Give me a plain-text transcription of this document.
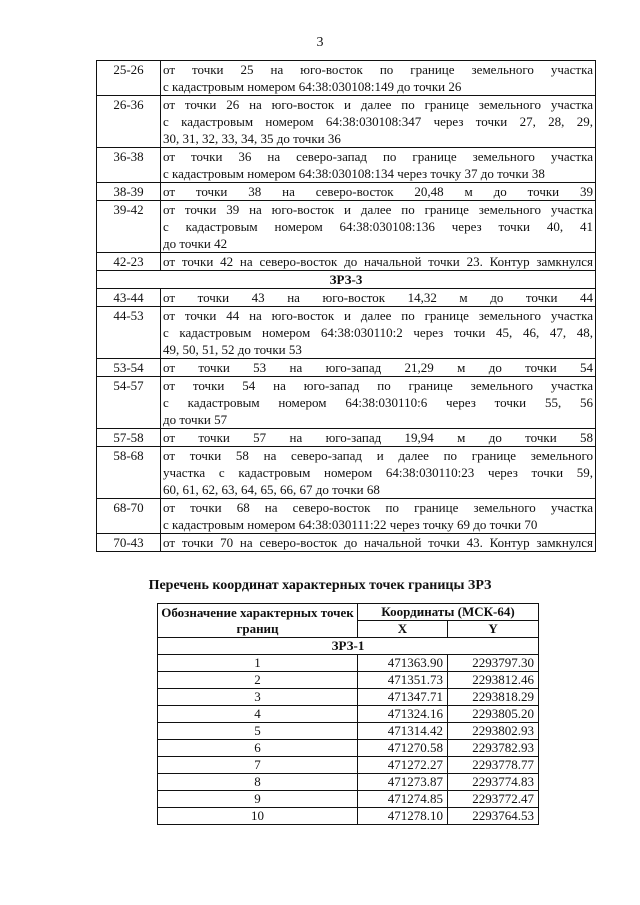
3
25-26	от точки 25 на юго-восток по границе земельного участка
с кадастровым номером 64:38:030108:149 до точки 26

26-36	от точки 26 на юго-восток и далее по границе земельного участка
с кадастровым номером 64:38:030108:347 через точки 27, 28, 29,
30, 31, 32, 33, 34, 35 до точки 36

36-38	от точки 36 на северо-запад по границе земельного участка
с кадастровым номером 64:38:030108:134 через точку 37 до точки 38

38-39	от точки 38 на северо-восток 20,48 м до точки 39

39-42	от точки 39 на юго-восток и далее по границе земельного участка
с кадастровым номером 64:38:030108:136 через точки 40, 41
до точки 42

42-23	от точки 42 на северо-восток до начальной точки 23. Контур замкнулся

ЗРЗ-3	
43-44	от точки 43 на юго-восток 14,32 м до точки 44

44-53	от точки 44 на юго-восток и далее по границе земельного участка
с кадастровым номером 64:38:030110:2 через точки 45, 46, 47, 48,
49, 50, 51, 52 до точки 53

53-54	от точки 53 на юго-запад 21,29 м до точки 54

54-57	от точки 54 на юго-запад по границе земельного участка
с кадастровым номером 64:38:030110:6 через точки 55, 56
до точки 57

57-58	от точки 57 на юго-запад 19,94 м до точки 58

58-68	от точки 58 на северо-запад и далее по границе земельного
участка с кадастровым номером 64:38:030110:23 через точки 59,
60, 61, 62, 63, 64, 65, 66, 67 до точки 68

68-70	от точки 68 на северо-восток по границе земельного участка
с кадастровым номером 64:38:030111:22 через точку 69 до точки 70

70-43	от точки 70 на северо-восток до начальной точки 43. Контур замкнулся
Перечень координат характерных точек границы ЗРЗ
Обозначение характерных точек границ	Координаты (МСК-64)	
	X	Y
ЗРЗ-1		
1	471363.90	2293797.30
2	471351.73	2293812.46
3	471347.71	2293818.29
4	471324.16	2293805.20
5	471314.42	2293802.93
6	471270.58	2293782.93
7	471272.27	2293778.77
8	471273.87	2293774.83
9	471274.85	2293772.47
10	471278.10	2293764.53
